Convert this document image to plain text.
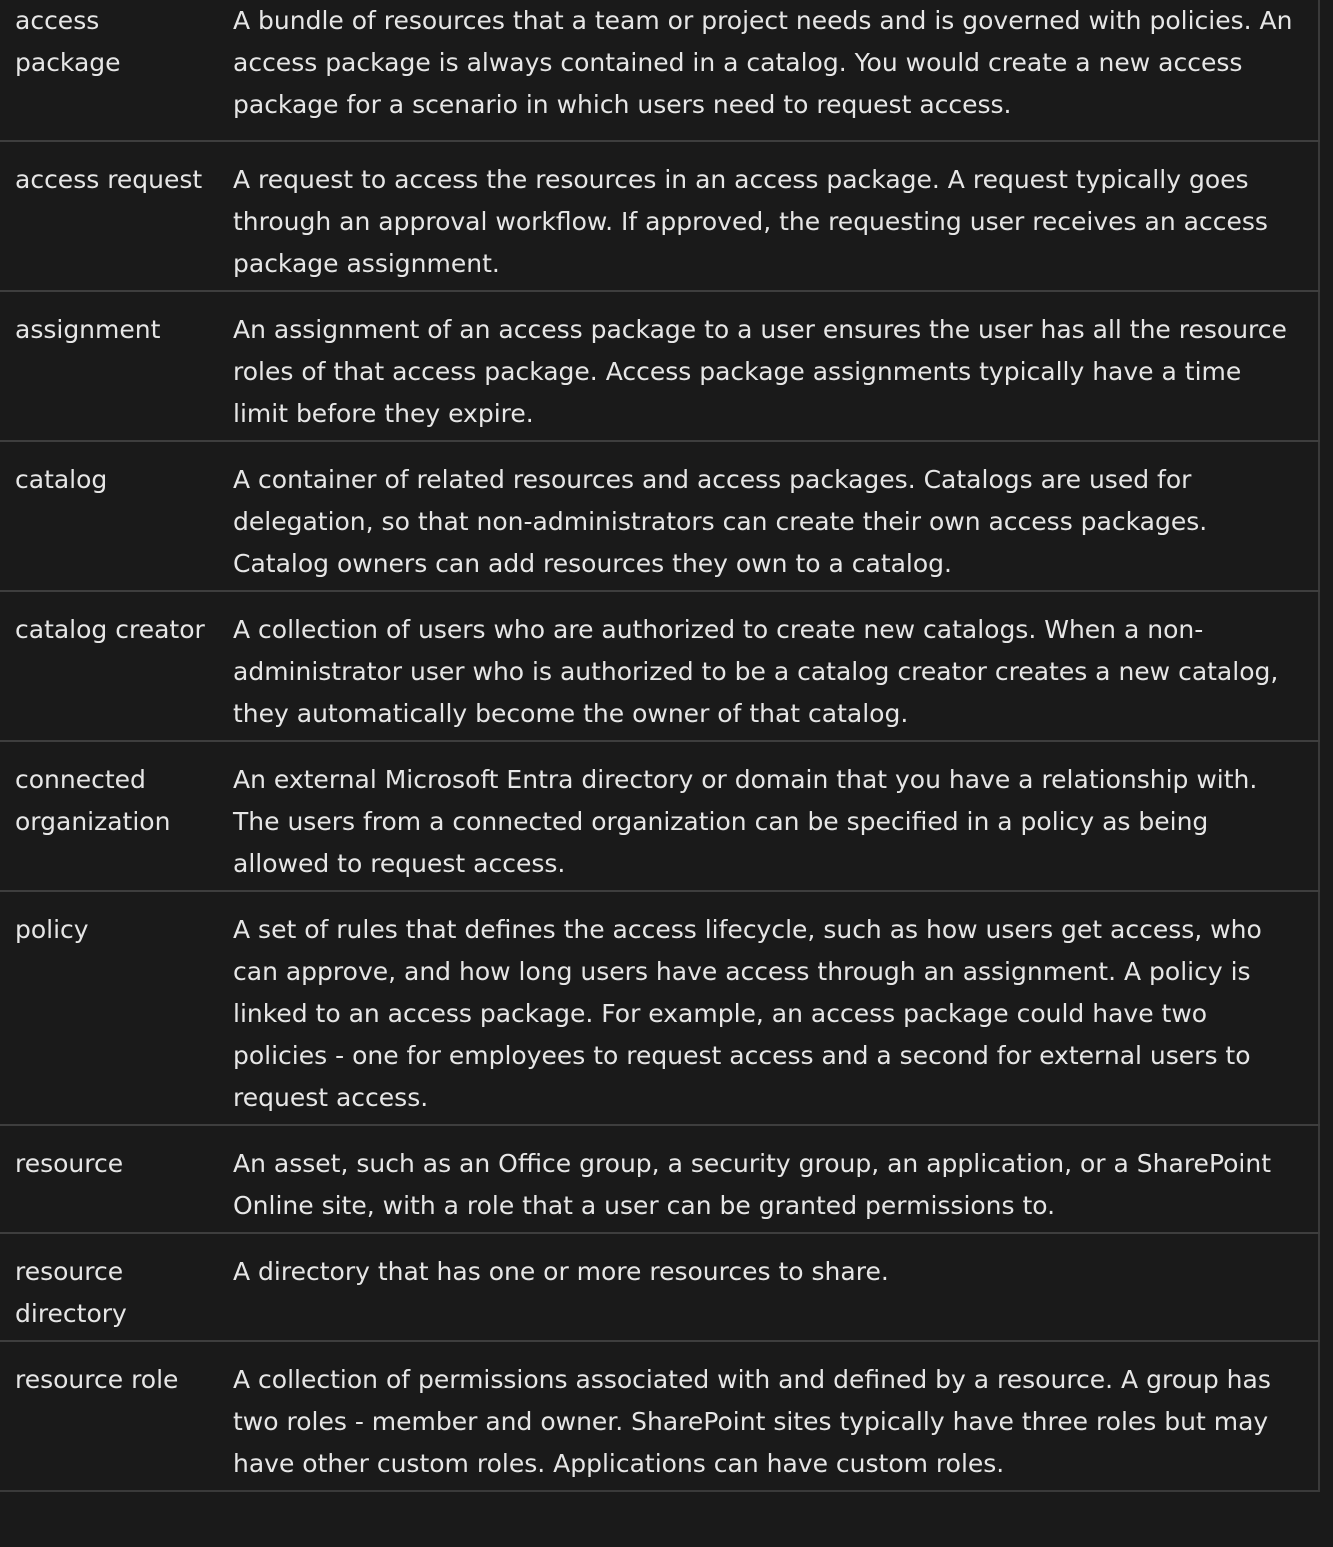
access package	A bundle of resources that a team or project needs and is governed with policies. An access package is always contained in a catalog. You would create a new access package for a scenario in which users need to request access.

access request	A request to access the resources in an access package. A request typically goes through an approval workflow. If approved, the requesting user receives an access package assignment.

assignment	An assignment of an access package to a user ensures the user has all the resource roles of that access package. Access package assignments typically have a time limit before they expire.

catalog	A container of related resources and access packages. Catalogs are used for delegation, so that non-administrators can create their own access packages. Catalog owners can add resources they own to a catalog.

catalog creator	A collection of users who are authorized to create new catalogs. When a non-administrator user who is authorized to be a catalog creator creates a new catalog, they automatically become the owner of that catalog.

connected organization	An external Microsoft Entra directory or domain that you have a relationship with. The users from a connected organization can be specified in a policy as being allowed to request access.

policy	A set of rules that defines the access lifecycle, such as how users get access, who can approve, and how long users have access through an assignment. A policy is linked to an access package. For example, an access package could have two policies - one for employees to request access and a second for external users to request access.

resource	An asset, such as an Office group, a security group, an application, or a SharePoint Online site, with a role that a user can be granted permissions to.

resource directory	A directory that has one or more resources to share.

resource role	A collection of permissions associated with and defined by a resource. A group has two roles - member and owner. SharePoint sites typically have three roles but may have other custom roles. Applications can have custom roles.
